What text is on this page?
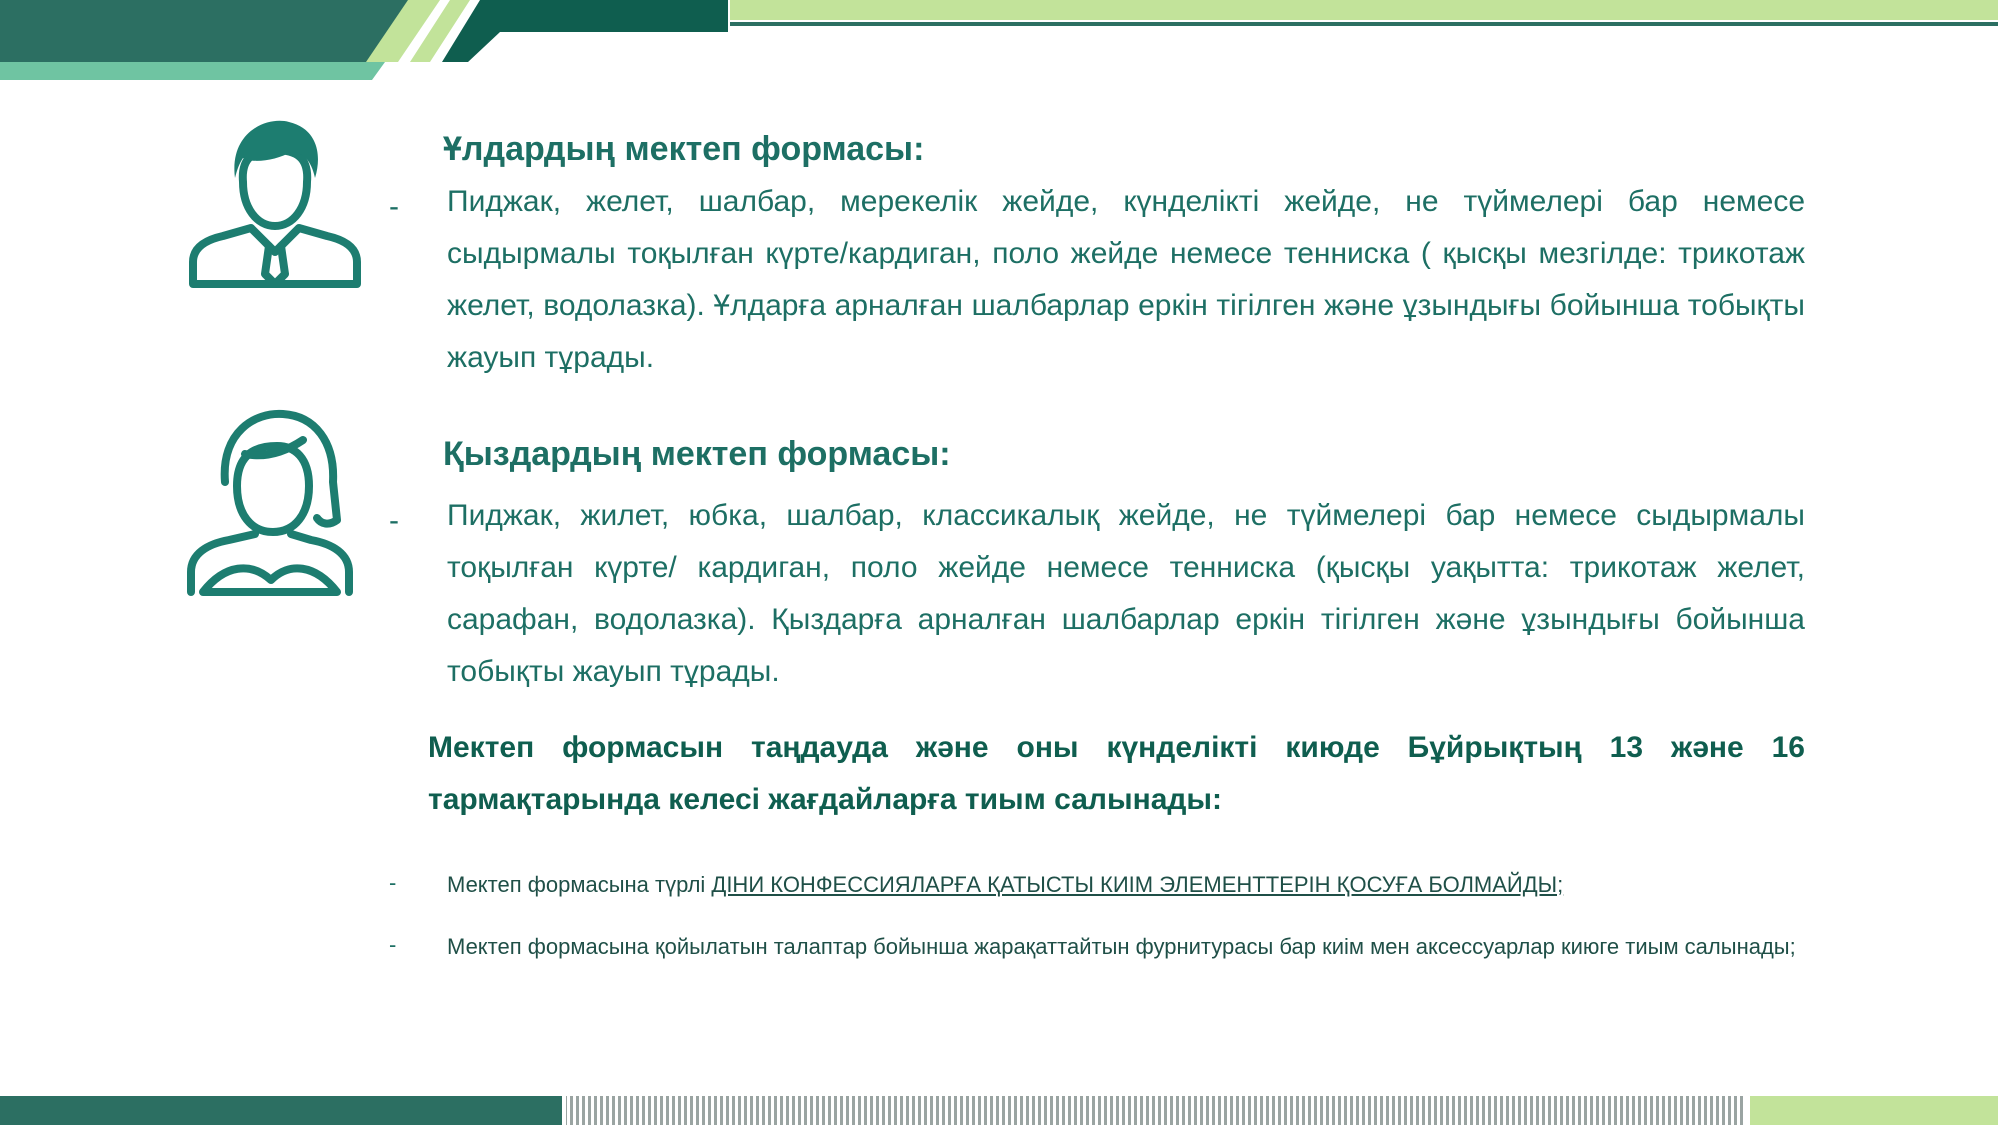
Ұлдардың мектеп формасы:
- Пиджак, желет, шалбар, мерекелік жейде, күнделікті жейде, не түймелері бар немесе сыдырмалы тоқылған күрте/кардиган, поло жейде немесе тенниска ( қысқы мезгілде: трикотаж желет, водолазка). Ұлдарға арналған шалбарлар еркін тігілген және ұзындығы бойынша тобықты жауып тұрады.

Қыздардың мектеп формасы:
- Пиджак, жилет, юбка, шалбар, классикалық жейде, не түймелері бар немесе сыдырмалы тоқылған күрте/ кардиган, поло жейде немесе тенниска (қысқы уақытта: трикотаж желет, сарафан, водолазка). Қыздарға арналған шалбарлар еркін тігілген және ұзындығы бойынша тобықты жауып тұрады.

Мектеп формасын таңдауда және оны күнделікті киюде Бұйрықтың 13 және 16 тармақтарында келесі жағдайларға тиым салынады:

- Мектеп формасына түрлі ДІНИ КОНФЕССИЯЛАРҒА ҚАТЫСТЫ КИІМ ЭЛЕМЕНТТЕРІН ҚОСУҒА БОЛМАЙДЫ;

- Мектеп формасына қойылатын талаптар бойынша жарақаттайтын фурнитурасы бар киім мен аксессуарлар киюге тиым салынады;
